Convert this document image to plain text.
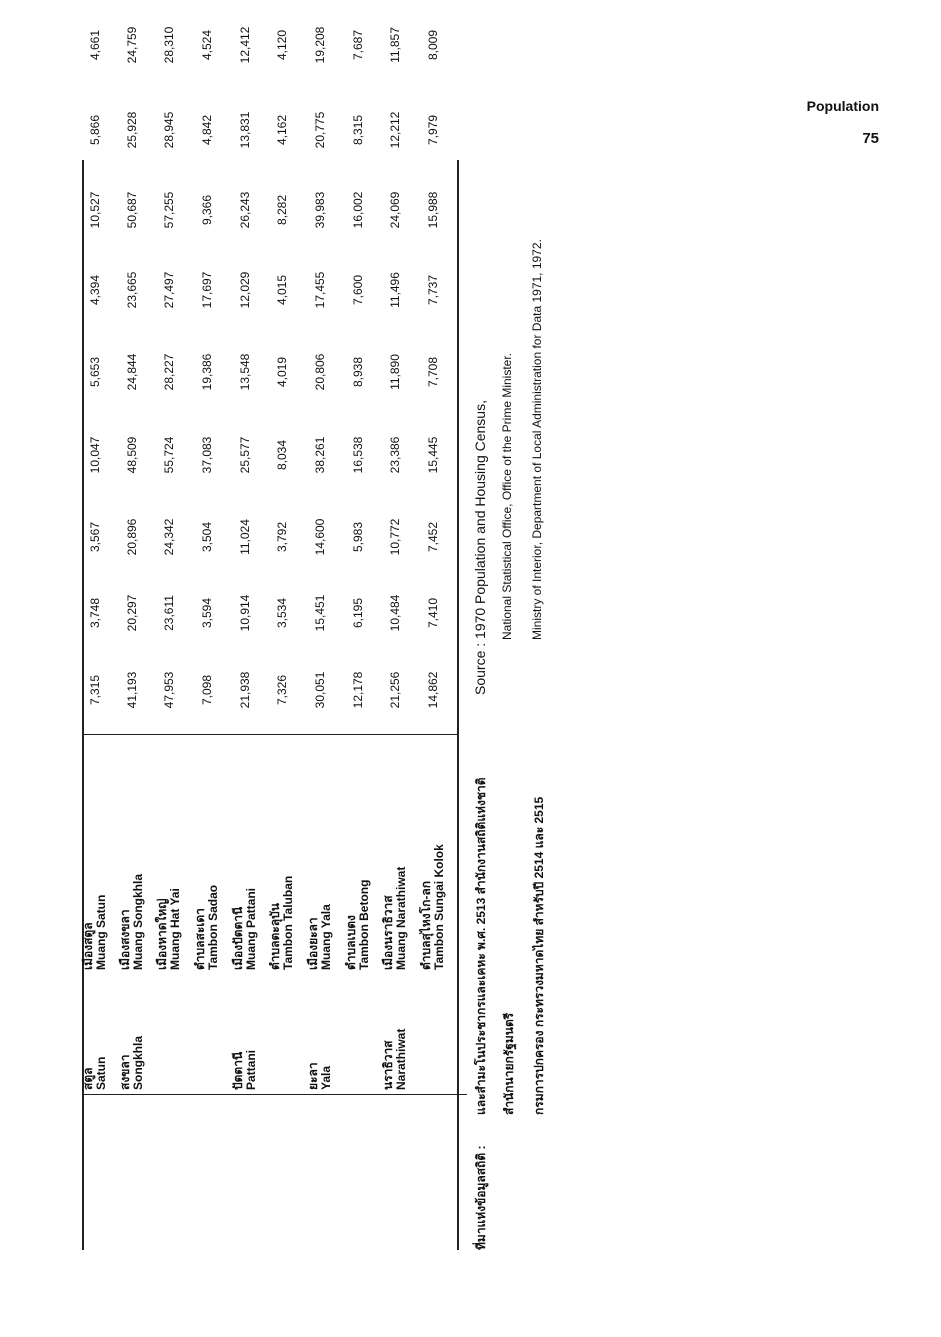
Population
75
สตูล Satun
เมืองสตูล Muang Satun
7,315
3,748
3,567
10,047
5,653
4,394
10,527
5,866
4,661
สงขลา Songkhla
เมืองสงขลา Muang Songkhla
41,193
20,297
20,896
48,509
24,844
23,665
50,687
25,928
24,759
เมืองหาดใหญ่ Muang Hat Yai
47,953
23,611
24,342
55,724
28,227
27,497
57,255
28,945
28,310
ตำบลสะเดา Tambon Sadao
7,098
3,594
3,504
37,083
19,386
17,697
9,366
4,842
4,524
ปัตตานี Pattani
เมืองปัตตานี Muang Pattani
21,938
10,914
11,024
25,577
13,548
12,029
26,243
13,831
12,412
ตำบลตะลุบัน Tambon Taluban
7,326
3,534
3,792
8,034
4,019
4,015
8,282
4,162
4,120
ยะลา Yala
เมืองยะลา Muang Yala
30,051
15,451
14,600
38,261
20,806
17,455
39,983
20,775
19,208
ตำบลเบตง Tambon Betong
12,178
6,195
5,983
16,538
8,938
7,600
16,002
8,315
7,687
นราธิวาส Narathiwat
เมืองนราธิวาส Muang Narathiwat
21,256
10,484
10,772
23,386
11,890
11,496
24,069
12,212
11,857
ตำบลสุไหงโก-ลก Tambon Sungai Kolok
14,862
7,410
7,452
15,445
7,708
7,737
15,988
7,979
8,009
ที่มาแห่งข้อมูลสถิติ :
และสำมะโนประชากรและเคหะ พ.ศ. 2513 สำนักงานสถิติแห่งชาติ สำนักนายกรัฐมนตรี กรมการปกครอง กระทรวงมหาดไทย สำหรับปี 2514 และ 2515
Source : 1970 Population and Housing Census, National Statistical Office, Office of the Prime Minister. Ministry of Interior, Department of Local Administration for Data 1971, 1972.
